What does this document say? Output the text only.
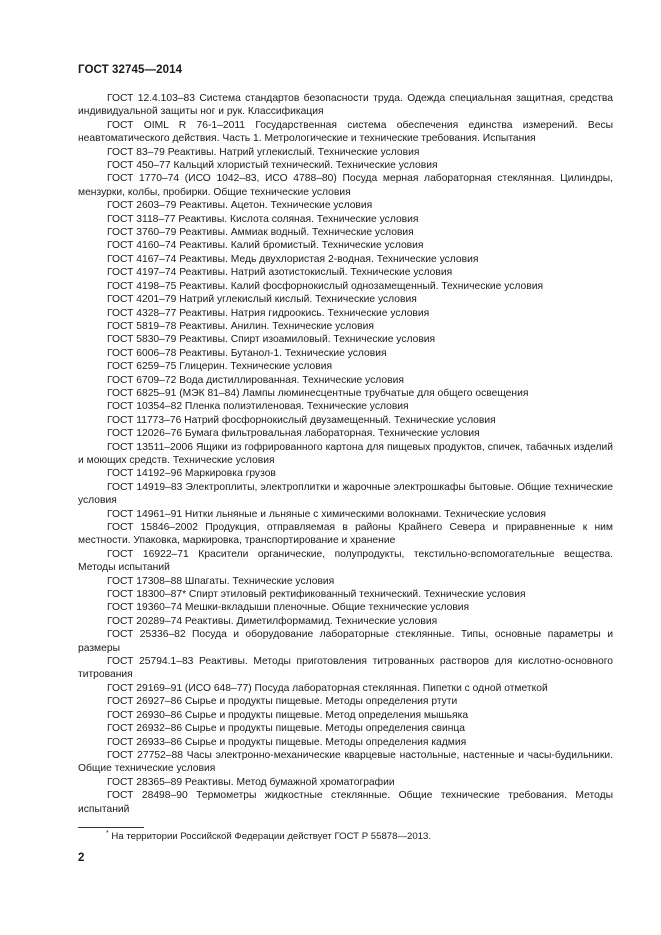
ГОСТ 32745—2014

ГОСТ 12.4.103–83 Система стандартов безопасности труда. Одежда специальная защитная, средства индивидуальной защиты ног и рук. Классификация

ГОСТ OIML R 76-1–2011 Государственная система обеспечения единства измерений. Весы неавтоматического действия. Часть 1. Метрологические и технические требования. Испытания

ГОСТ 83–79 Реактивы. Натрий углекислый. Технические условия

ГОСТ 450–77 Кальций хлористый технический. Технические условия

ГОСТ 1770–74 (ИСО 1042–83, ИСО 4788–80) Посуда мерная лабораторная стеклянная. Цилиндры, мензурки, колбы, пробирки. Общие технические условия

ГОСТ 2603–79 Реактивы. Ацетон. Технические условия

ГОСТ 3118–77 Реактивы. Кислота соляная. Технические условия

ГОСТ 3760–79 Реактивы. Аммиак водный. Технические условия

ГОСТ 4160–74 Реактивы. Калий бромистый. Технические условия

ГОСТ 4167–74 Реактивы. Медь двухлористая 2-водная. Технические условия

ГОСТ 4197–74 Реактивы. Натрий азотистокислый. Технические условия

ГОСТ 4198–75 Реактивы. Калий фосфорнокислый однозамещенный. Технические условия

ГОСТ 4201–79 Натрий углекислый кислый. Технические условия

ГОСТ 4328–77 Реактивы. Натрия гидроокись. Технические условия

ГОСТ 5819–78 Реактивы. Анилин. Технические условия

ГОСТ 5830–79 Реактивы. Спирт изоамиловый. Технические условия

ГОСТ 6006–78 Реактивы. Бутанол-1. Технические условия

ГОСТ 6259–75 Глицерин. Технические условия

ГОСТ 6709–72 Вода дистиллированная. Технические условия

ГОСТ 6825–91 (МЭК 81–84) Лампы люминесцентные трубчатые для общего освещения

ГОСТ 10354–82 Пленка полиэтиленовая. Технические условия

ГОСТ 11773–76 Натрий фосфорнокислый двузамещенный. Технические условия

ГОСТ 12026–76 Бумага фильтровальная лабораторная. Технические условия

ГОСТ 13511–2006 Ящики из гофрированного картона для пищевых продуктов, спичек, табачных изделий и моющих средств. Технические условия

ГОСТ 14192–96 Маркировка грузов

ГОСТ 14919–83 Электроплиты, электроплитки и жарочные электрошкафы бытовые. Общие технические условия

ГОСТ 14961–91 Нитки льняные и льняные с химическими волокнами. Технические условия

ГОСТ 15846–2002 Продукция, отправляемая в районы Крайнего Севера и приравненные к ним местности. Упаковка, маркировка, транспортирование и хранение

ГОСТ 16922–71 Красители органические, полупродукты, текстильно-вспомогательные вещества. Методы испытаний

ГОСТ 17308–88 Шпагаты. Технические условия

ГОСТ 18300–87* Спирт этиловый ректификованный технический. Технические условия

ГОСТ 19360–74 Мешки-вкладыши пленочные. Общие технические условия

ГОСТ 20289–74 Реактивы. Диметилформамид. Технические условия

ГОСТ 25336–82 Посуда и оборудование лабораторные стеклянные. Типы, основные параметры и размеры

ГОСТ 25794.1–83 Реактивы. Методы приготовления титрованных растворов для кислотно-основного титрования

ГОСТ 29169–91 (ИСО 648–77) Посуда лабораторная стеклянная. Пипетки с одной отметкой

ГОСТ 26927–86 Сырье и продукты пищевые. Методы определения ртути

ГОСТ 26930–86 Сырье и продукты пищевые. Метод определения мышьяка

ГОСТ 26932–86 Сырье и продукты пищевые. Методы определения свинца

ГОСТ 26933–86 Сырье и продукты пищевые. Методы определения кадмия

ГОСТ 27752–88 Часы электронно-механические кварцевые настольные, настенные и часы-будильники. Общие технические условия

ГОСТ 28365–89 Реактивы. Метод бумажной хроматографии

ГОСТ 28498–90 Термометры жидкостные стеклянные. Общие технические требования. Методы испытаний

* На территории Российской Федерации действует ГОСТ Р 55878—2013.
2
